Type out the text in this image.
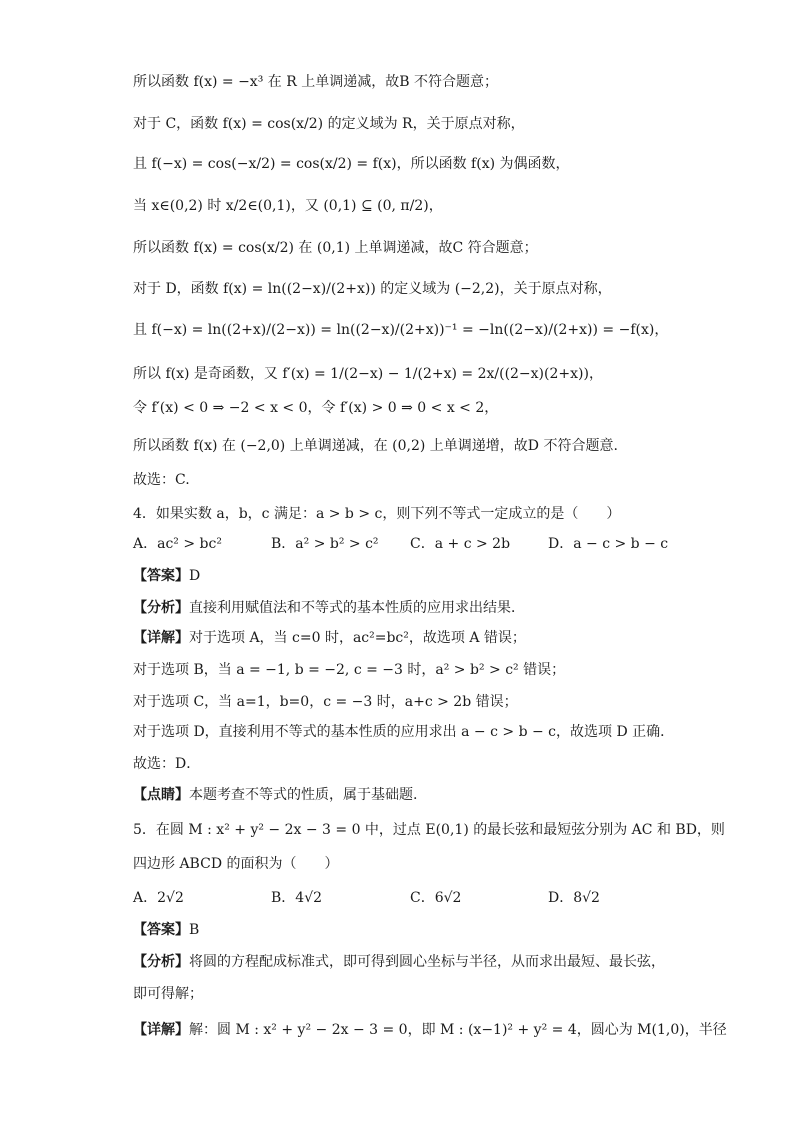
所以函数 f(x) = −x³ 在 R 上单调递减，故B 不符合题意；
对于 C，函数 f(x) = cos(x/2) 的定义域为 R，关于原点对称，
且 f(−x) = cos(−x/2) = cos(x/2) = f(x)，所以函数 f(x) 为偶函数，
当 x∈(0,2) 时 x/2∈(0,1)，又 (0,1) ⊆ (0, π/2)，
所以函数 f(x) = cos(x/2) 在 (0,1) 上单调递减，故C 符合题意；
对于 D，函数 f(x) = ln((2−x)/(2+x)) 的定义域为 (−2,2)，关于原点对称，
且 f(−x) = ln((2+x)/(2−x)) = ln((2−x)/(2+x))⁻¹ = −ln((2−x)/(2+x)) = −f(x)，
所以 f(x) 是奇函数，又 f′(x) = 1/(2−x) − 1/(2+x) = 2x/((2−x)(2+x))，
令 f′(x) < 0 ⇒ −2 < x < 0，令 f′(x) > 0 ⇒ 0 < x < 2，
所以函数 f(x) 在 (−2,0) 上单调递减，在 (0,2) 上单调递增，故D 不符合题意.
故选：C.
4．如果实数 a，b，c 满足：a > b > c，则下列不等式一定成立的是（　　）
A．ac² > bc²	B．a² > b² > c² C．a + c > 2b	D．a − c > b − c
【答案】D
【分析】直接利用赋值法和不等式的基本性质的应用求出结果．
【详解】对于选项 A，当 c=0 时，ac²=bc²，故选项 A 错误；
对于选项 B，当 a = −1, b = −2, c = −3 时，a² > b² > c² 错误；
对于选项 C，当 a=1，b=0，c = −3 时，a+c > 2b 错误；
对于选项 D，直接利用不等式的基本性质的应用求出 a − c > b − c，故选项 D 正确．
故选：D．
【点睛】本题考查不等式的性质，属于基础题.
5．在圆 M : x² + y² − 2x − 3 = 0 中，过点 E(0,1) 的最长弦和最短弦分别为 AC 和 BD，则
四边形 ABCD 的面积为（　　）
A．2√2	B．4√2	C．6√2	D．8√2
【答案】B
【分析】将圆的方程配成标准式，即可得到圆心坐标与半径，从而求出最短、最长弦，
即可得解；
【详解】解：圆 M : x² + y² − 2x − 3 = 0，即 M : (x−1)² + y² = 4，圆心为 M(1,0)，半径
